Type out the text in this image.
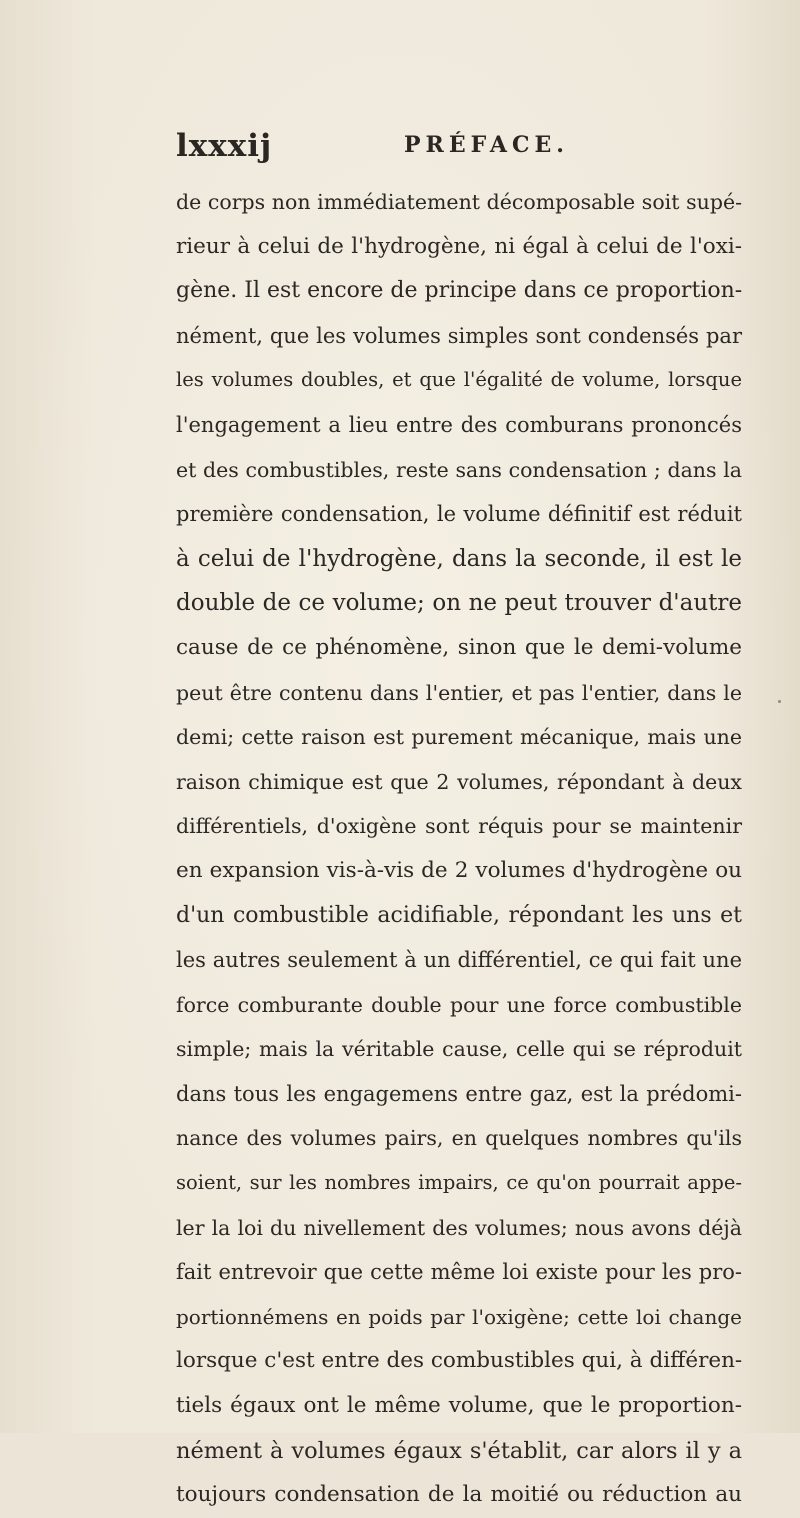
lxxxij	PRÉFACE.
de corps non immédiatement décomposable soit supé-
rieur à celui de l'hydrogène, ni égal à celui de l'oxi-
gène. Il est encore de principe dans ce proportion-
nément, que les volumes simples sont condensés par
les volumes doubles, et que l'égalité de volume, lorsque
l'engagement a lieu entre des comburans prononcés
et des combustibles, reste sans condensation ; dans la
première condensation, le volume définitif est réduit
à celui de l'hydrogène, dans la seconde, il est le
double de ce volume; on ne peut trouver d'autre
cause de ce phénomène, sinon que le demi-volume
peut être contenu dans l'entier, et pas l'entier, dans le
demi; cette raison est purement mécanique, mais une
raison chimique est que 2 volumes, répondant à deux
différentiels, d'oxigène sont réquis pour se maintenir
en expansion vis-à-vis de 2 volumes d'hydrogène ou
d'un combustible acidifiable, répondant les uns et
les autres seulement à un différentiel, ce qui fait une
force comburante double pour une force combustible
simple; mais la véritable cause, celle qui se réproduit
dans tous les engagemens entre gaz, est la prédomi-
nance des volumes pairs, en quelques nombres qu'ils
soient, sur les nombres impairs, ce qu'on pourrait appe-
ler la loi du nivellement des volumes; nous avons déjà
fait entrevoir que cette même loi existe pour les pro-
portionnémens en poids par l'oxigène; cette loi change
lorsque c'est entre des combustibles qui, à différen-
tiels égaux ont le même volume, que le proportion-
nément à volumes égaux s'établit, car alors il y a
toujours condensation de la moitié ou réduction au
